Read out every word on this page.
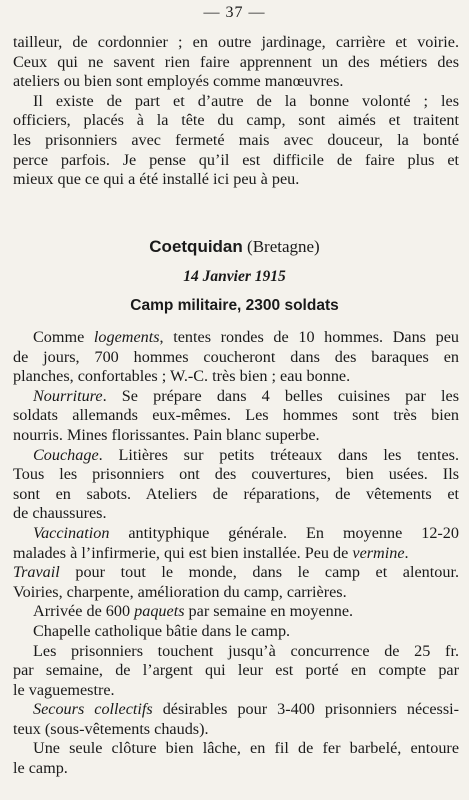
— 37 —
tailleur, de cordonnier ; en outre jardinage, carrière et voirie.
Ceux qui ne savent rien faire apprennent un des métiers des
ateliers ou bien sont employés comme manœuvres.
Il existe de part et d’autre de la bonne volonté ; les
officiers, placés à la tête du camp, sont aimés et traitent
les prisonniers avec fermeté mais avec douceur, la bonté
perce parfois. Je pense qu’il est difficile de faire plus et
mieux que ce qui a été installé ici peu à peu.
Coetquidan (Bretagne)
14 Janvier 1915
Camp militaire, 2300 soldats
Comme logements, tentes rondes de 10 hommes. Dans peu
de jours, 700 hommes coucheront dans des baraques en
planches, confortables ; W.-C. très bien ; eau bonne.
Nourriture. Se prépare dans 4 belles cuisines par les
soldats allemands eux-mêmes. Les hommes sont très bien
nourris. Mines florissantes. Pain blanc superbe.
Couchage. Litières sur petits tréteaux dans les tentes.
Tous les prisonniers ont des couvertures, bien usées. Ils
sont en sabots. Ateliers de réparations, de vêtements et
de chaussures.
Vaccination antityphique générale. En moyenne 12-20
malades à l’infirmerie, qui est bien installée. Peu de vermine.
Travail pour tout le monde, dans le camp et alentour.
Voiries, charpente, amélioration du camp, carrières.
Arrivée de 600 paquets par semaine en moyenne.
Chapelle catholique bâtie dans le camp.
Les prisonniers touchent jusqu’à concurrence de 25 fr.
par semaine, de l’argent qui leur est porté en compte par
le vaguemestre.
Secours collectifs désirables pour 3-400 prisonniers nécessi-
teux (sous-vêtements chauds).
Une seule clôture bien lâche, en fil de fer barbelé, entoure
le camp.
